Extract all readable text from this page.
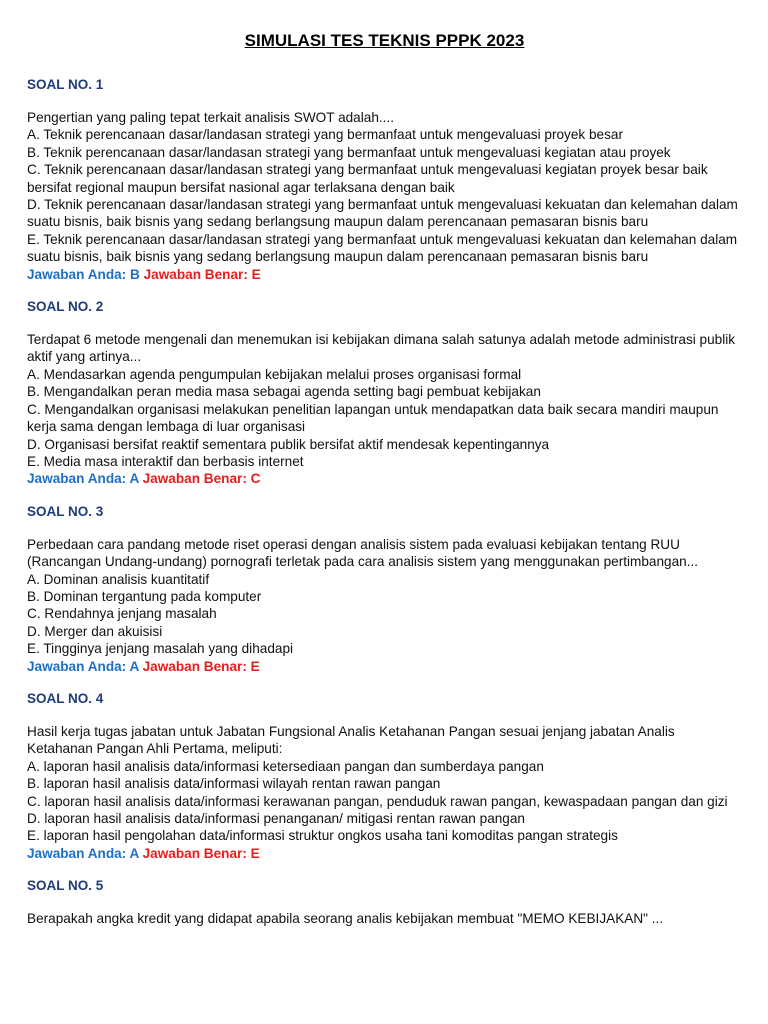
SIMULASI TES TEKNIS PPPK 2023
SOAL NO. 1
Pengertian yang paling tepat terkait analisis SWOT adalah....
A. Teknik perencanaan dasar/landasan strategi yang bermanfaat untuk mengevaluasi proyek besar
B. Teknik perencanaan dasar/landasan strategi yang bermanfaat untuk mengevaluasi kegiatan atau proyek
C. Teknik perencanaan dasar/landasan strategi yang bermanfaat untuk mengevaluasi kegiatan proyek besar baik bersifat regional maupun bersifat nasional agar terlaksana dengan baik
D. Teknik perencanaan dasar/landasan strategi yang bermanfaat untuk mengevaluasi kekuatan dan kelemahan dalam suatu bisnis, baik bisnis yang sedang berlangsung maupun dalam perencanaan pemasaran bisnis baru
E. Teknik perencanaan dasar/landasan strategi yang bermanfaat untuk mengevaluasi kekuatan dan kelemahan dalam suatu bisnis, baik bisnis yang sedang berlangsung maupun dalam perencanaan pemasaran bisnis baru
Jawaban Anda: B Jawaban Benar: E
SOAL NO. 2
Terdapat 6 metode mengenali dan menemukan isi kebijakan dimana salah satunya adalah metode administrasi publik aktif yang artinya...
A. Mendasarkan agenda pengumpulan kebijakan melalui proses organisasi formal
B. Mengandalkan peran media masa sebagai agenda setting bagi pembuat kebijakan
C. Mengandalkan organisasi melakukan penelitian lapangan untuk mendapatkan data baik secara mandiri maupun kerja sama dengan lembaga di luar organisasi
D. Organisasi bersifat reaktif sementara publik bersifat aktif mendesak kepentingannya
E. Media masa interaktif dan berbasis internet
Jawaban Anda: A Jawaban Benar: C
SOAL NO. 3
Perbedaan cara pandang metode riset operasi dengan analisis sistem pada evaluasi kebijakan tentang RUU (Rancangan Undang-undang) pornografi terletak pada cara analisis sistem yang menggunakan pertimbangan...
A. Dominan analisis kuantitatif
B. Dominan tergantung pada komputer
C. Rendahnya jenjang masalah
D. Merger dan akuisisi
E. Tingginya jenjang masalah yang dihadapi
Jawaban Anda: A Jawaban Benar: E
SOAL NO. 4
Hasil kerja tugas jabatan untuk Jabatan Fungsional Analis Ketahanan Pangan sesuai jenjang jabatan Analis Ketahanan Pangan Ahli Pertama, meliputi:
A. laporan hasil analisis data/informasi ketersediaan pangan dan sumberdaya pangan
B. laporan hasil analisis data/informasi wilayah rentan rawan pangan
C. laporan hasil analisis data/informasi kerawanan pangan, penduduk rawan pangan, kewaspadaan pangan dan gizi
D. laporan hasil analisis data/informasi penanganan/ mitigasi rentan rawan pangan
E. laporan hasil pengolahan data/informasi struktur ongkos usaha tani komoditas pangan strategis
Jawaban Anda: A Jawaban Benar: E
SOAL NO. 5
Berapakah angka kredit yang didapat apabila seorang analis kebijakan membuat "MEMO KEBIJAKAN" ...
